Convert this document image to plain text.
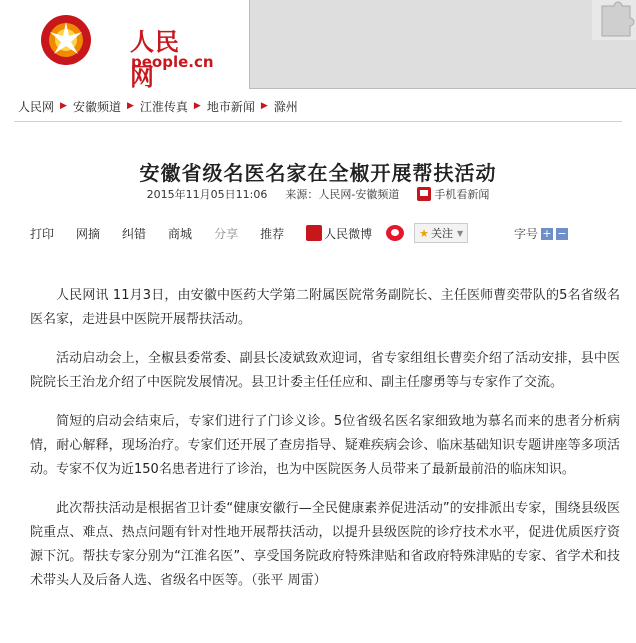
人民网
people.cn
人民网 ▶ 安徽频道 ▶ 江淮传真 ▶ 地市新闻 ▶ 滁州
安徽省级名医名家在全椒开展帮扶活动
2015年11月05日11:06 来源：人民网-安徽频道	手机看新闻
打印 网摘 纠错 商城 分享 推荐	人民微博	★ 关注 ▼	字号 + −

人民网讯 11月3日，由安徽中医药大学第二附属医院常务副院长、主任医师曹奕带队的5名省级名医名家，走进县中医院开展帮扶活动。

活动启动会上，全椒县委常委、副县长凌斌致欢迎词，省专家组组长曹奕介绍了活动安排，县中医院院长王治龙介绍了中医院发展情况。县卫计委主任任应和、副主任廖勇等与专家作了交流。

简短的启动会结束后，专家们进行了门诊义诊。5位省级名医名家细致地为慕名而来的患者分析病情，耐心解释，现场治疗。专家们还开展了查房指导、疑难疾病会诊、临床基础知识专题讲座等多项活动。专家不仅为近150名患者进行了诊治，也为中医院医务人员带来了最新最前沿的临床知识。

此次帮扶活动是根据省卫计委“健康安徽行—全民健康素养促进活动”的安排派出专家，围绕县级医院重点、难点、热点问题有针对性地开展帮扶活动，以提升县级医院的诊疗技术水平，促进优质医疗资源下沉。帮扶专家分别为“江淮名医”、享受国务院政府特殊津贴和省政府特殊津贴的专家、省学术和技术带头人及后备人选、省级名中医等。（张平 周雷）
